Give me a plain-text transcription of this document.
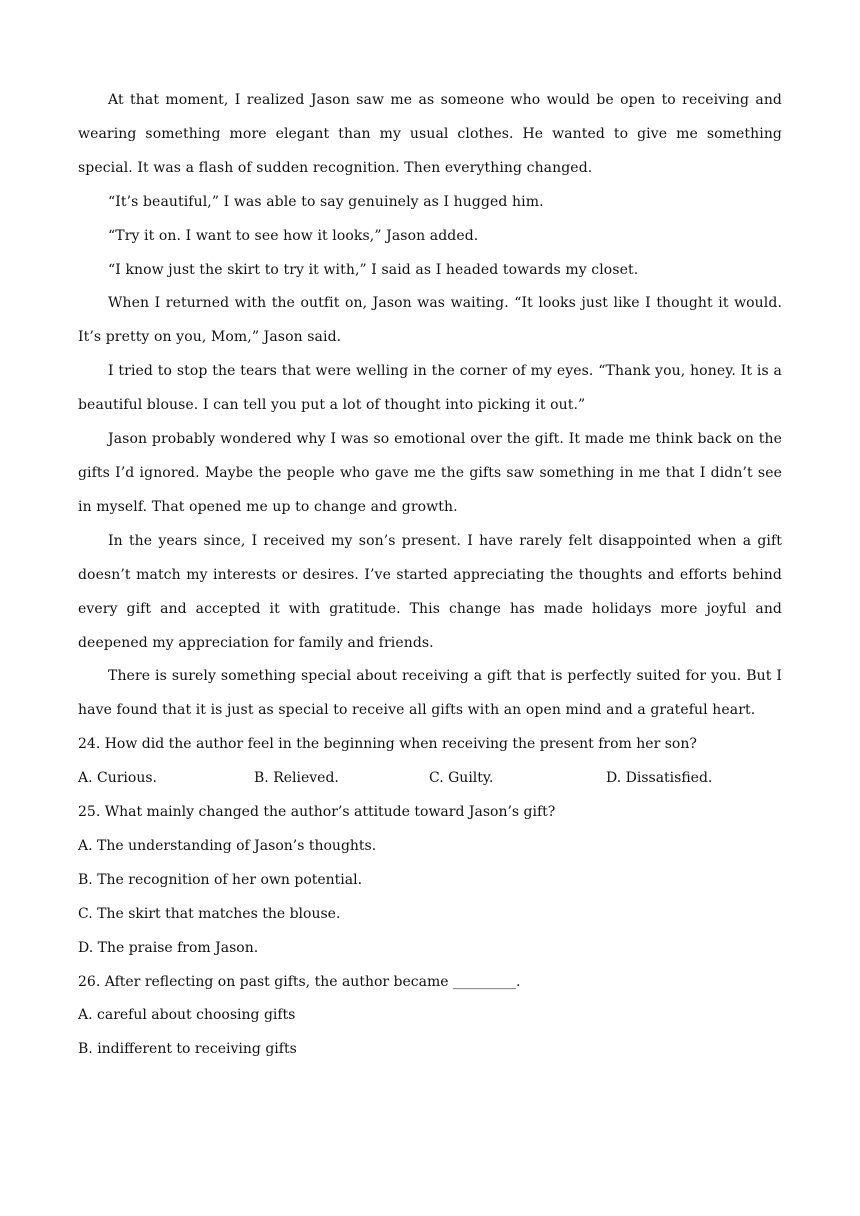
At that moment, I realized Jason saw me as someone who would be open to receiving and wearing something more elegant than my usual clothes. He wanted to give me something special. It was a flash of sudden recognition. Then everything changed.

“It’s beautiful,” I was able to say genuinely as I hugged him.

“Try it on. I want to see how it looks,” Jason added.

“I know just the skirt to try it with,” I said as I headed towards my closet.

When I returned with the outfit on, Jason was waiting. “It looks just like I thought it would. It’s pretty on you, Mom,” Jason said.

I tried to stop the tears that were welling in the corner of my eyes. “Thank you, honey. It is a beautiful blouse. I can tell you put a lot of thought into picking it out.”

Jason probably wondered why I was so emotional over the gift. It made me think back on the gifts I’d ignored. Maybe the people who gave me the gifts saw something in me that I didn’t see in myself. That opened me up to change and growth.

In the years since, I received my son’s present. I have rarely felt disappointed when a gift doesn’t match my interests or desires. I’ve started appreciating the thoughts and efforts behind every gift and accepted it with gratitude. This change has made holidays more joyful and deepened my appreciation for family and friends.

There is surely something special about receiving a gift that is perfectly suited for you. But I have found that it is just as special to receive all gifts with an open mind and a grateful heart.

24. How did the author feel in the beginning when receiving the present from her son?

A. Curious.	B. Relieved.	C. Guilty.	D. Dissatisfied.

25. What mainly changed the author’s attitude toward Jason’s gift?

A. The understanding of Jason’s thoughts.

B. The recognition of her own potential.

C. The skirt that matches the blouse.

D. The praise from Jason.

26. After reflecting on past gifts, the author became _________.

A. careful about choosing gifts

B. indifferent to receiving gifts
